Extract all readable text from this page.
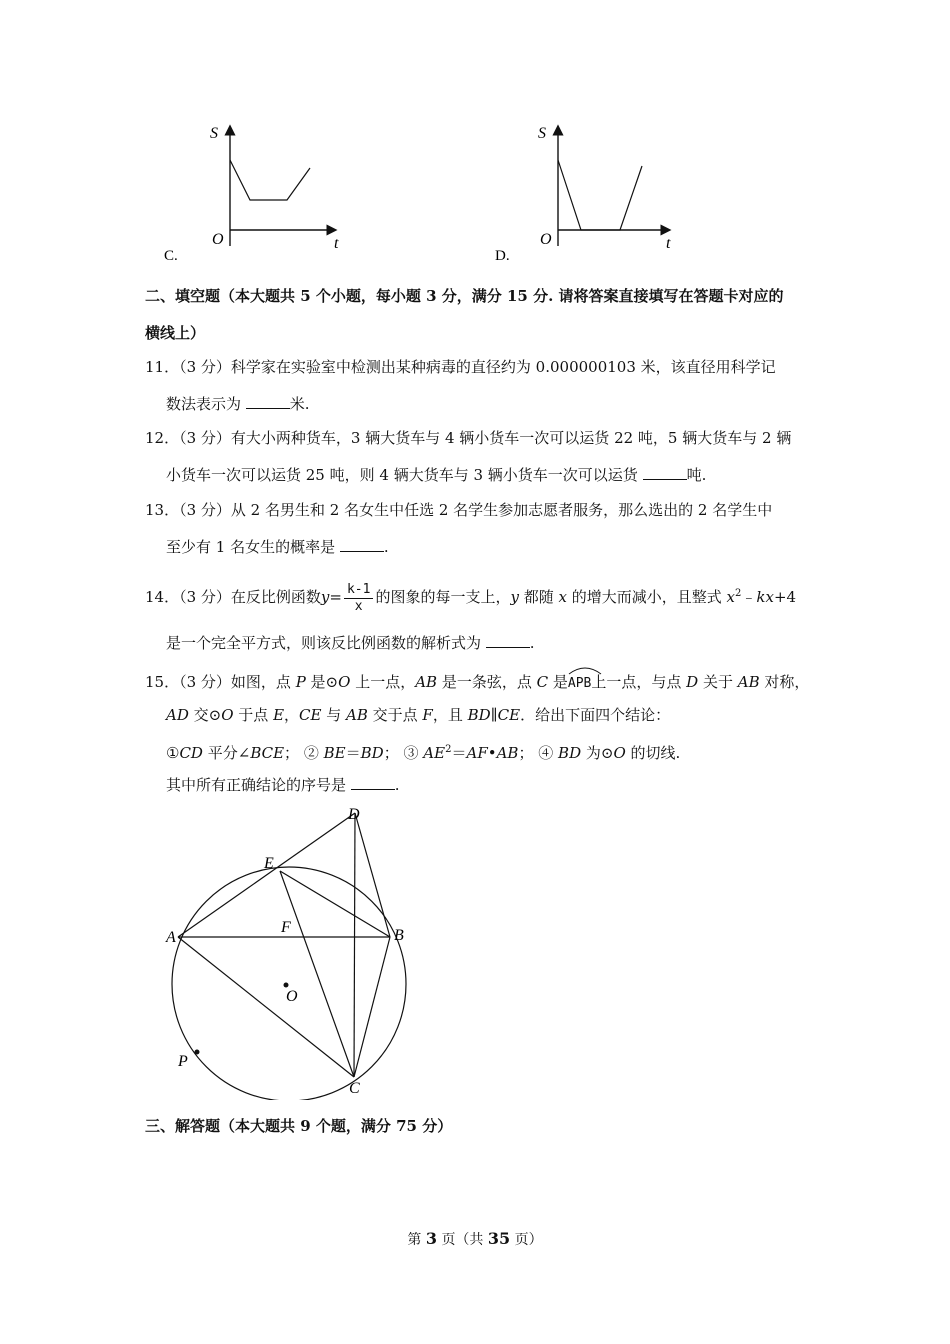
S
O	t
C.
S
O	t
D.
二、填空题（本大题共 5 个小题，每小题 3 分，满分 15 分. 请将答案直接填写在答题卡对应的
横线上）
11．（3 分）科学家在实验室中检测出某种病毒的直径约为 0.000000103 米，该直径用科学记
数法表示为	米.
12．（3 分）有大小两种货车，3 辆大货车与 4 辆小货车一次可以运货 22 吨，5 辆大货车与 2 辆
小货车一次可以运货 25 吨，则 4 辆大货车与 3 辆小货车一次可以运货	吨.
13．（3 分）从 2 名男生和 2 名女生中任选 2 名学生参加志愿者服务，那么选出的 2 名学生中
至少有 1 名女生的概率是	.
14．（3 分）在反比例函数$y= \frac{k-1}{x}$ 的图象的每一支上，y 都随 x 的增大而减小，且整式 $x^2﹣kx+4$
是一个完全平方式，则该反比例函数的解析式为	.
15．（3 分）如图，点 P 是⊙O 上一点，AB 是一条弦，点 C 是
APB上一点，与点 D 关于 AB 对称，
AD 交⊙O 于点 E，CE 与 AB 交于点 F，且 BD∥CE．给出下面四个结论：
①CD 平分∠BCE； ② BE＝BD； ③ $AE^2=AF•AB$； ④ BD 为⊙O 的切线.
其中所有正确结论的序号是	.
A	B
C
D
E
F
O
P
三、解答题（本大题共 9 个题，满分 75 分）
第 3 页（共 35 页）
